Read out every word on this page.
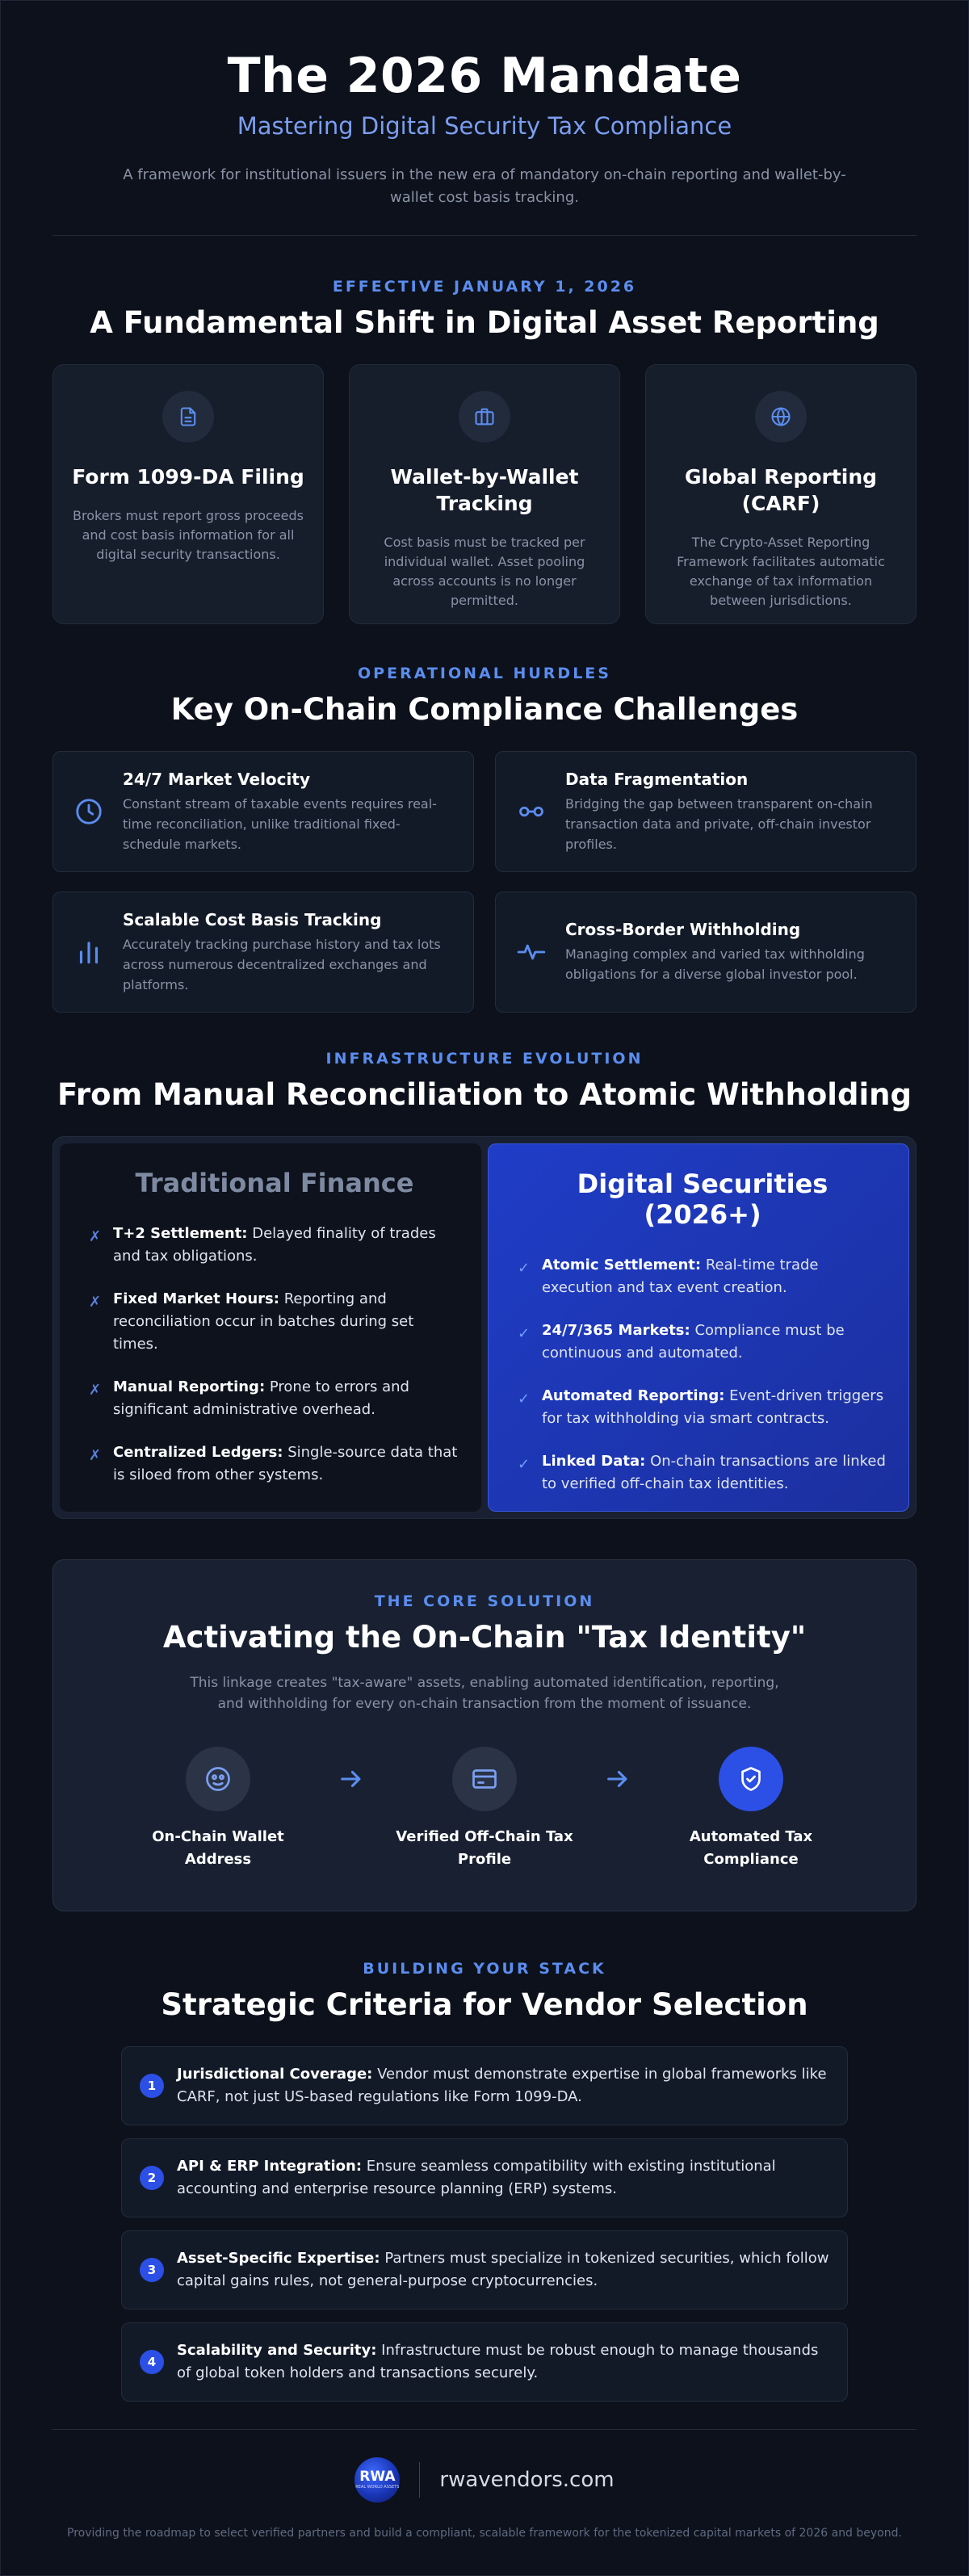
The 2026 Mandate
Mastering Digital Security Tax Compliance

A framework for institutional issuers in the new era of mandatory on-chain reporting and wallet-by-wallet cost basis tracking.

EFFECTIVE JANUARY 1, 2026
A Fundamental Shift in Digital Asset Reporting
Form 1099-DA Filing

Brokers must report gross proceeds and cost basis information for all digital security transactions.

Wallet-by-Wallet Tracking

Cost basis must be tracked per individual wallet. Asset pooling across accounts is no longer permitted.

Global Reporting (CARF)

The Crypto-Asset Reporting Framework facilitates automatic exchange of tax information between jurisdictions.

OPERATIONAL HURDLES
Key On-Chain Compliance Challenges
24/7 Market Velocity

Constant stream of taxable events requires real-time reconciliation, unlike traditional fixed-schedule markets.

Data Fragmentation

Bridging the gap between transparent on-chain transaction data and private, off-chain investor profiles.

Scalable Cost Basis Tracking

Accurately tracking purchase history and tax lots across numerous decentralized exchanges and platforms.

Cross-Border Withholding

Managing complex and varied tax withholding obligations for a diverse global investor pool.

INFRASTRUCTURE EVOLUTION
From Manual Reconciliation to Atomic Withholding
Traditional Finance
✗ T+2 Settlement: Delayed finality of trades and tax obligations.
✗ Fixed Market Hours: Reporting and reconciliation occur in batches during set times.
✗ Manual Reporting: Prone to errors and significant administrative overhead.
✗ Centralized Ledgers: Single-source data that is siloed from other systems.
Digital Securities (2026+)
✓ Atomic Settlement: Real-time trade execution and tax event creation.
✓ 24/7/365 Markets: Compliance must be continuous and automated.
✓ Automated Reporting: Event-driven triggers for tax withholding via smart contracts.
✓ Linked Data: On-chain transactions are linked to verified off-chain tax identities.
THE CORE SOLUTION
Activating the On-Chain "Tax Identity"

This linkage creates "tax-aware" assets, enabling automated identification, reporting, and withholding for every on-chain transaction from the moment of issuance.

On-Chain Wallet Address
Verified Off-Chain Tax Profile
Automated Tax Compliance
BUILDING YOUR STACK
Strategic Criteria for Vendor Selection
1
Jurisdictional Coverage: Vendor must demonstrate expertise in global frameworks like CARF, not just US-based regulations like Form 1099-DA.
2
API & ERP Integration: Ensure seamless compatibility with existing institutional accounting and enterprise resource planning (ERP) systems.
3
Asset-Specific Expertise: Partners must specialize in tokenized securities, which follow capital gains rules, not general-purpose cryptocurrencies.
4
Scalability and Security: Infrastructure must be robust enough to manage thousands of global token holders and transactions securely.
RWA
REAL WORLD ASSETS rwavendors.com

Providing the roadmap to select verified partners and build a compliant, scalable framework for the tokenized capital markets of 2026 and beyond.
